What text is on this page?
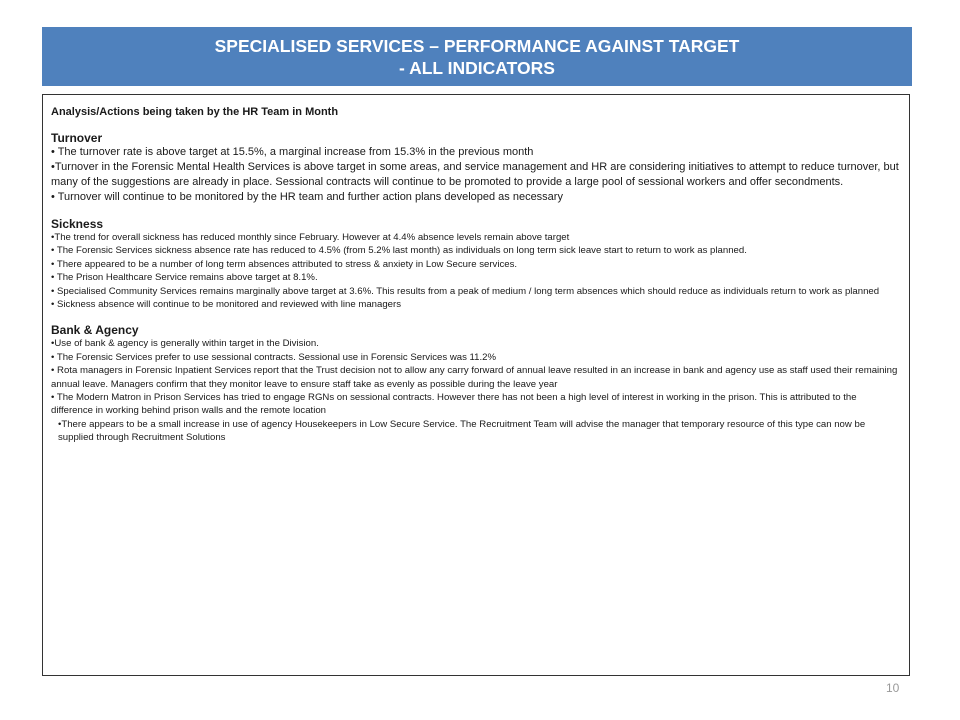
SPECIALISED SERVICES – PERFORMANCE AGAINST TARGET
- ALL INDICATORS
Analysis/Actions being taken by the HR Team in Month
Turnover
• The turnover rate is above target at 15.5%, a marginal increase from 15.3% in the previous month
•Turnover in the Forensic Mental Health Services is above target in some areas, and service management and HR are considering initiatives to attempt to reduce turnover, but many of the suggestions are already in place. Sessional contracts will continue to be promoted to provide a large pool of sessional workers and offer secondments.
• Turnover will continue to be monitored by the HR team and further action plans developed as necessary
Sickness
•The trend for overall sickness has reduced monthly since February. However at 4.4% absence levels remain above target
• The Forensic Services sickness absence rate has reduced to 4.5% (from 5.2% last month) as individuals on long term sick leave start to return to work as planned.
• There appeared to be a number of long term absences attributed to stress & anxiety in Low Secure services.
• The Prison Healthcare Service remains above target at 8.1%.
• Specialised Community Services remains marginally above target at 3.6%. This results from a peak of medium / long term absences which should reduce as individuals return to work as planned
• Sickness absence will continue to be monitored and reviewed with line managers
Bank & Agency
•Use of bank & agency is generally within target in the Division.
• The Forensic Services prefer to use sessional contracts. Sessional use in Forensic Services was 11.2%
• Rota managers in Forensic Inpatient Services report that the Trust decision not to allow any carry forward of annual leave resulted in an increase in bank and agency use as staff used their remaining annual leave. Managers confirm that they monitor leave to ensure staff take as evenly as possible during the leave year
• The Modern Matron in Prison Services has tried to engage RGNs on sessional contracts. However there has not been a high level of interest in working in the prison. This is attributed to the difference in working behind prison walls and the remote location
•There appears to be a small increase in use of agency Housekeepers in Low Secure Service. The Recruitment Team will advise the manager that temporary resource of this type can now be supplied through Recruitment Solutions
10
